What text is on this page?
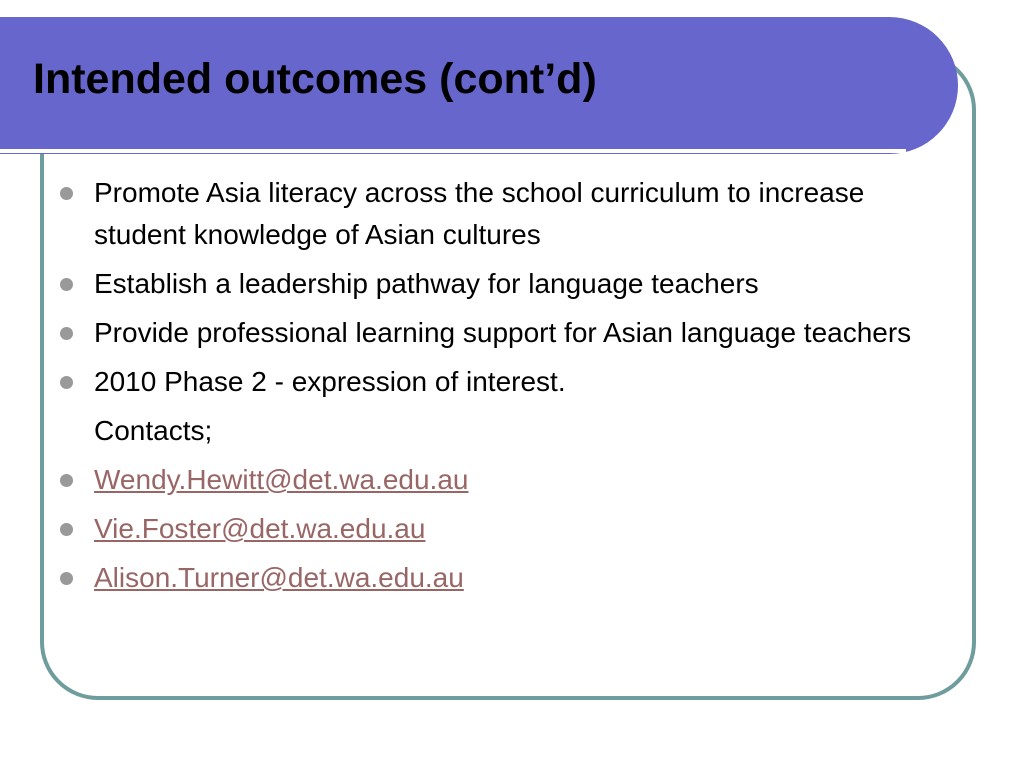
Intended outcomes (cont’d)
Promote Asia literacy across the school curriculum to increase student knowledge of Asian cultures
Establish a leadership pathway for language teachers
Provide professional learning support for Asian language teachers
2010 Phase 2 - expression of interest.
Contacts;
Wendy.Hewitt@det.wa.edu.au
Vie.Foster@det.wa.edu.au
Alison.Turner@det.wa.edu.au
